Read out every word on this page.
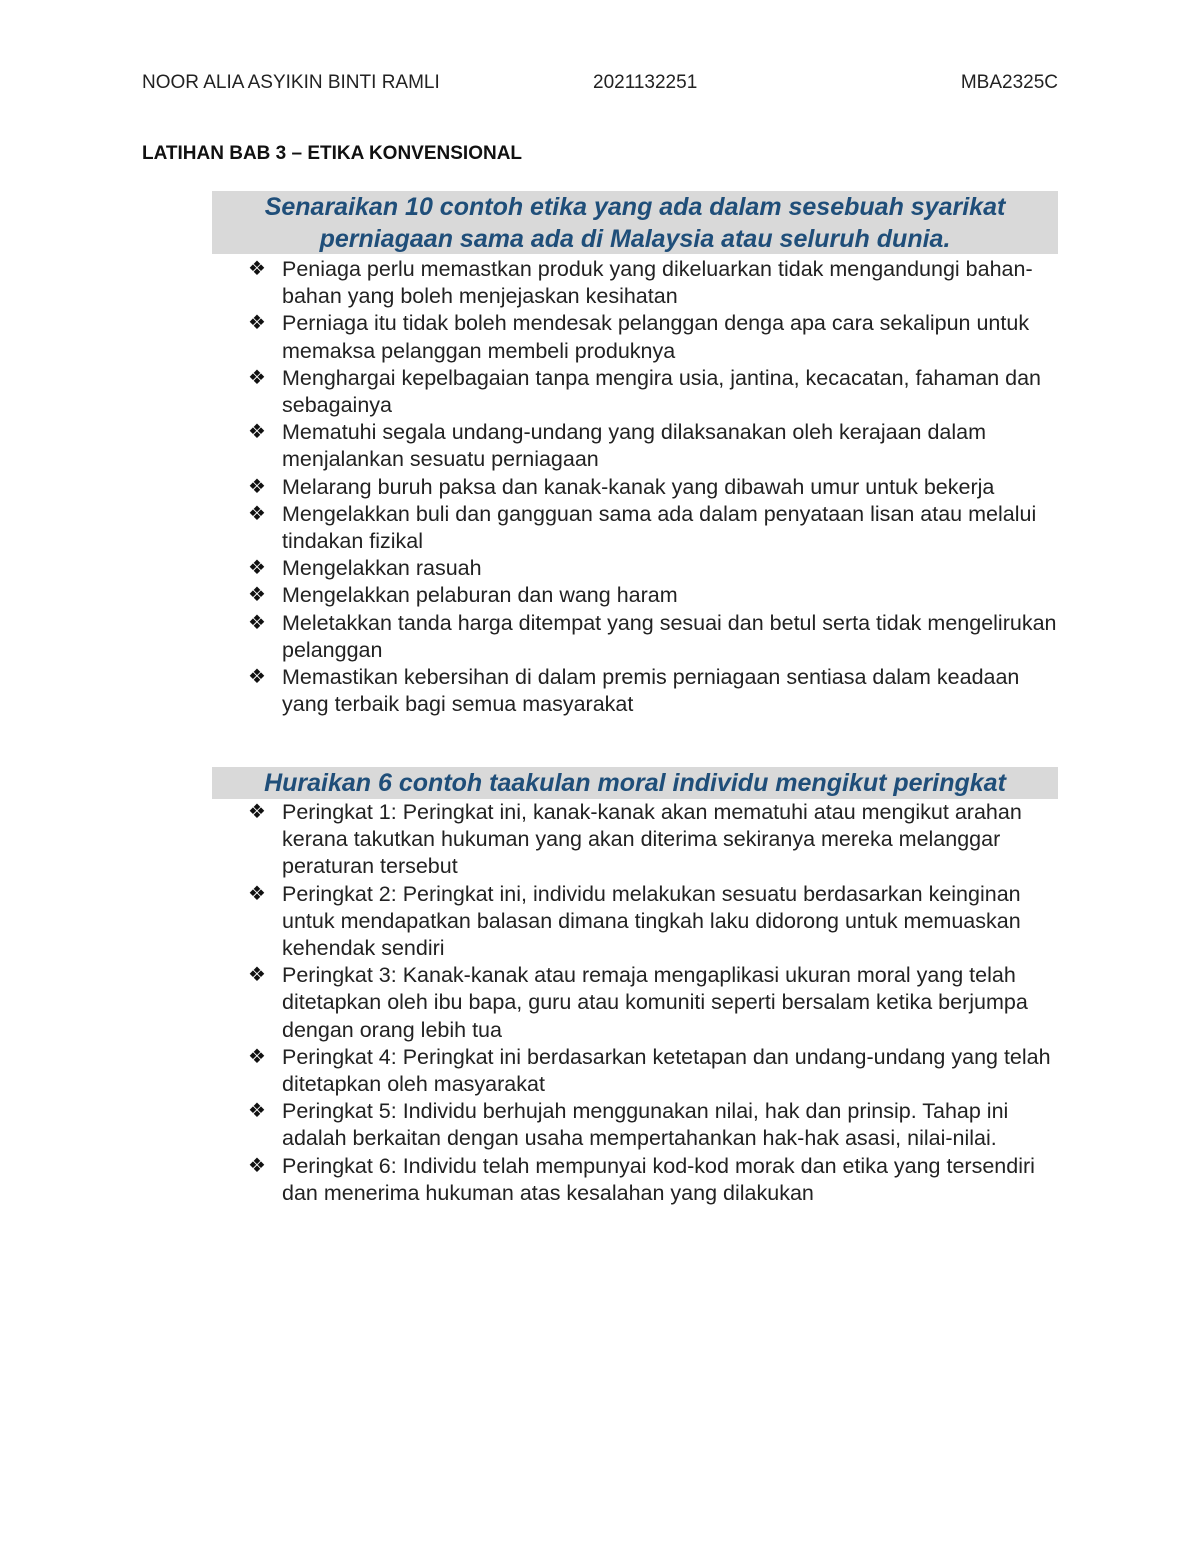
NOOR ALIA ASYIKIN BINTI RAMLI	2021132251	MBA2325C
LATIHAN BAB 3 – ETIKA KONVENSIONAL
Senaraikan 10 contoh etika yang ada dalam sesebuah syarikat perniagaan sama ada di Malaysia atau seluruh dunia.
❖ Peniaga perlu memastkan produk yang dikeluarkan tidak mengandungi bahan-bahan yang boleh menjejaskan kesihatan
❖ Perniaga itu tidak boleh mendesak pelanggan denga apa cara sekalipun untuk memaksa pelanggan membeli produknya
❖ Menghargai kepelbagaian tanpa mengira usia, jantina, kecacatan, fahaman dan sebagainya
❖ Mematuhi segala undang-undang yang dilaksanakan oleh kerajaan dalam menjalankan sesuatu perniagaan
❖ Melarang buruh paksa dan kanak-kanak yang dibawah umur untuk bekerja
❖ Mengelakkan buli dan gangguan sama ada dalam penyataan lisan atau melalui tindakan fizikal
❖ Mengelakkan rasuah
❖ Mengelakkan pelaburan dan wang haram
❖ Meletakkan tanda harga ditempat yang sesuai dan betul serta tidak mengelirukan pelanggan
❖ Memastikan kebersihan di dalam premis perniagaan sentiasa dalam keadaan yang terbaik bagi semua masyarakat
Huraikan 6 contoh taakulan moral individu mengikut peringkat
❖ Peringkat 1: Peringkat ini, kanak-kanak akan mematuhi atau mengikut arahan kerana takutkan hukuman yang akan diterima sekiranya mereka melanggar peraturan tersebut
❖ Peringkat 2: Peringkat ini, individu melakukan sesuatu berdasarkan keinginan untuk mendapatkan balasan dimana tingkah laku didorong untuk memuaskan kehendak sendiri
❖ Peringkat 3: Kanak-kanak atau remaja mengaplikasi ukuran moral yang telah ditetapkan oleh ibu bapa, guru atau komuniti seperti bersalam ketika berjumpa dengan orang lebih tua
❖ Peringkat 4: Peringkat ini berdasarkan ketetapan dan undang-undang yang telah ditetapkan oleh masyarakat
❖ Peringkat 5: Individu berhujah menggunakan nilai, hak dan prinsip. Tahap ini adalah berkaitan dengan usaha mempertahankan hak-hak asasi, nilai-nilai.
❖ Peringkat 6: Individu telah mempunyai kod-kod morak dan etika yang tersendiri dan menerima hukuman atas kesalahan yang dilakukan
